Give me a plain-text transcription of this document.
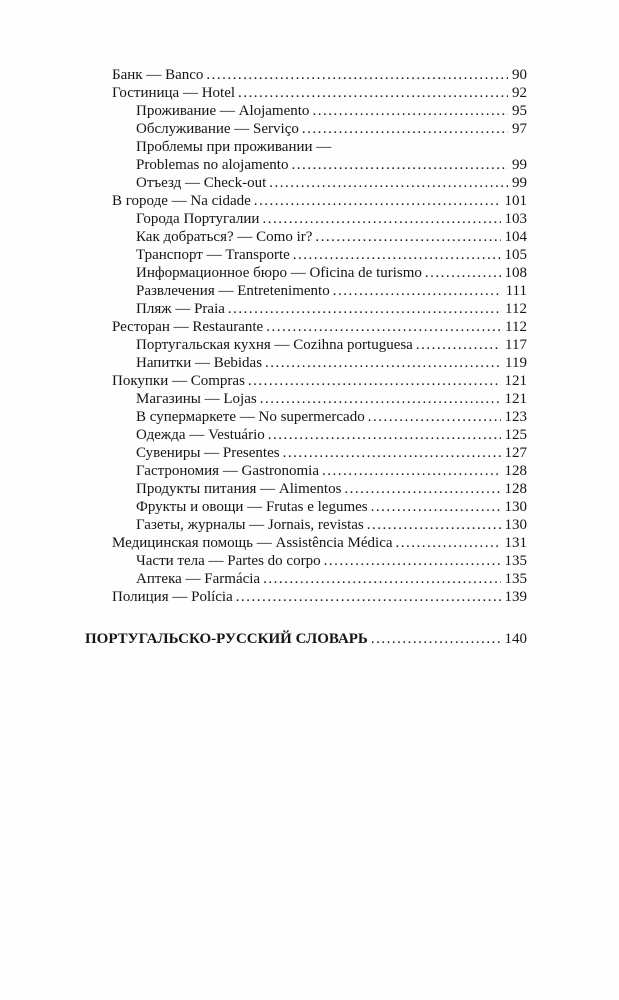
Банк — Banco .....	90
Гостиница — Hotel .....	92
Проживание — Alojamento .....	95
Обслуживание — Serviço .....	97
Проблемы при проживании —
Problemas no alojamento .....	99
Отъезд — Check-out .....	99
В городе — Na cidade .....	101
Города Португалии .....	103
Как добраться? — Como ir? .....	104
Транспорт — Transporte .....	105
Информационное бюро — Oficina de turismo .....	108
Развлечения — Entretenimento .....	111
Пляж — Praia .....	112
Ресторан — Restaurante .....	112
Португальская кухня — Cozihna portuguesa .....	117
Напитки — Bebidas .....	119
Покупки — Compras .....	121
Магазины — Lojas .....	121
В супермаркете — No supermercado .....	123
Одежда — Vestuário .....	125
Сувениры — Presentes .....	127
Гастрономия — Gastronomia .....	128
Продукты питания — Alimentos .....	128
Фрукты и овощи — Frutas e legumes .....	130
Газеты, журналы — Jornais, revistas .....	130
Медицинская помощь — Assistência Médica .....	131
Части тела — Partes do corpo .....	135
Аптека — Farmácia .....	135
Полиция — Polícia .....	139
ПОРТУГАЛЬСКО-РУССКИЙ СЛОВАРЬ .....	140
